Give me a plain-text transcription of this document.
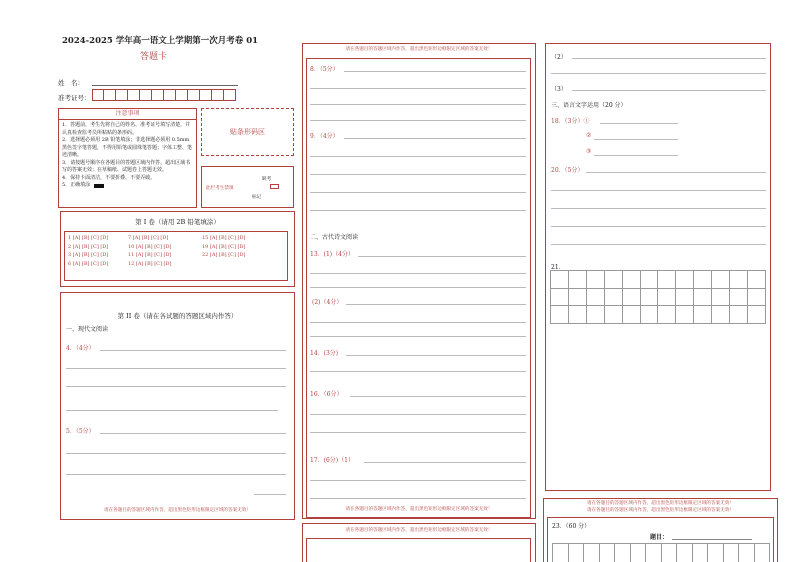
2024-2025 学年高一语文上学期第一次月考卷 01
答题卡
姓　名：
准考证号：
注意事项
1．答题前，考生先将自己的姓名、准考证号填写清楚，并认真检查监考员所粘贴的条形码。
2．选择题必须用 2B 铅笔填涂；非选择题必须用 0.5mm 黑色签字笔答题，不得用铅笔或圆珠笔答题；字体工整、笔迹清晰。
3．请按题号顺序在各题目的答题区域内作答，超出区域书写的答案无效；在草稿纸、试题卷上答题无效。
4．保持卡面清洁，不要折叠、不要弄破。
5．正确填涂
贴条形码区
此栏考生禁填
缺考
标记
第 I 卷（请用 2B 铅笔填涂）
1 [A] [B] [C] [D]
2 [A] [B] [C] [D]
3 [A] [B] [C] [D]
6 [A] [B] [C] [D]
7 [A] [B] [C] [D]
10 [A] [B] [C] [D]
11 [A] [B] [C] [D]
12 [A] [B] [C] [D]
15 [A] [B] [C] [D]
19 [A] [B] [C] [D]
22 [A] [B] [C] [D]
第 II 卷（请在各试题的答题区域内作答）
一、现代文阅读
4．（4分）
5．（5分）
请在各题目的答题区域内作答，超出黑色矩形边框限定区域的答案无效！
请在各题目的答题区域内作答，超出黑色矩形边框限定区域的答案无效！
8．（5分）
9．（4分）
二、古代诗文阅读
13．(1)（4分）
(2)（4分）
14．(3分)
16．（6分）
17．(6分)（1）
请在各题目的答题区域内作答，超出黑色矩形边框限定区域的答案无效！
请在各题目的答题区域内作答，超出黑色矩形边框限定区域的答案无效！
（2）
（3）
三、语言文字运用（20 分）
18．（3分）①
②
③
20．（5分）
21．
请在各题目的答题区域内作答，超出黑色矩形边框限定区域的答案无效！
请在各题目的答题区域内作答，超出黑色矩形边框限定区域的答案无效！
23．（60 分）
题目：
